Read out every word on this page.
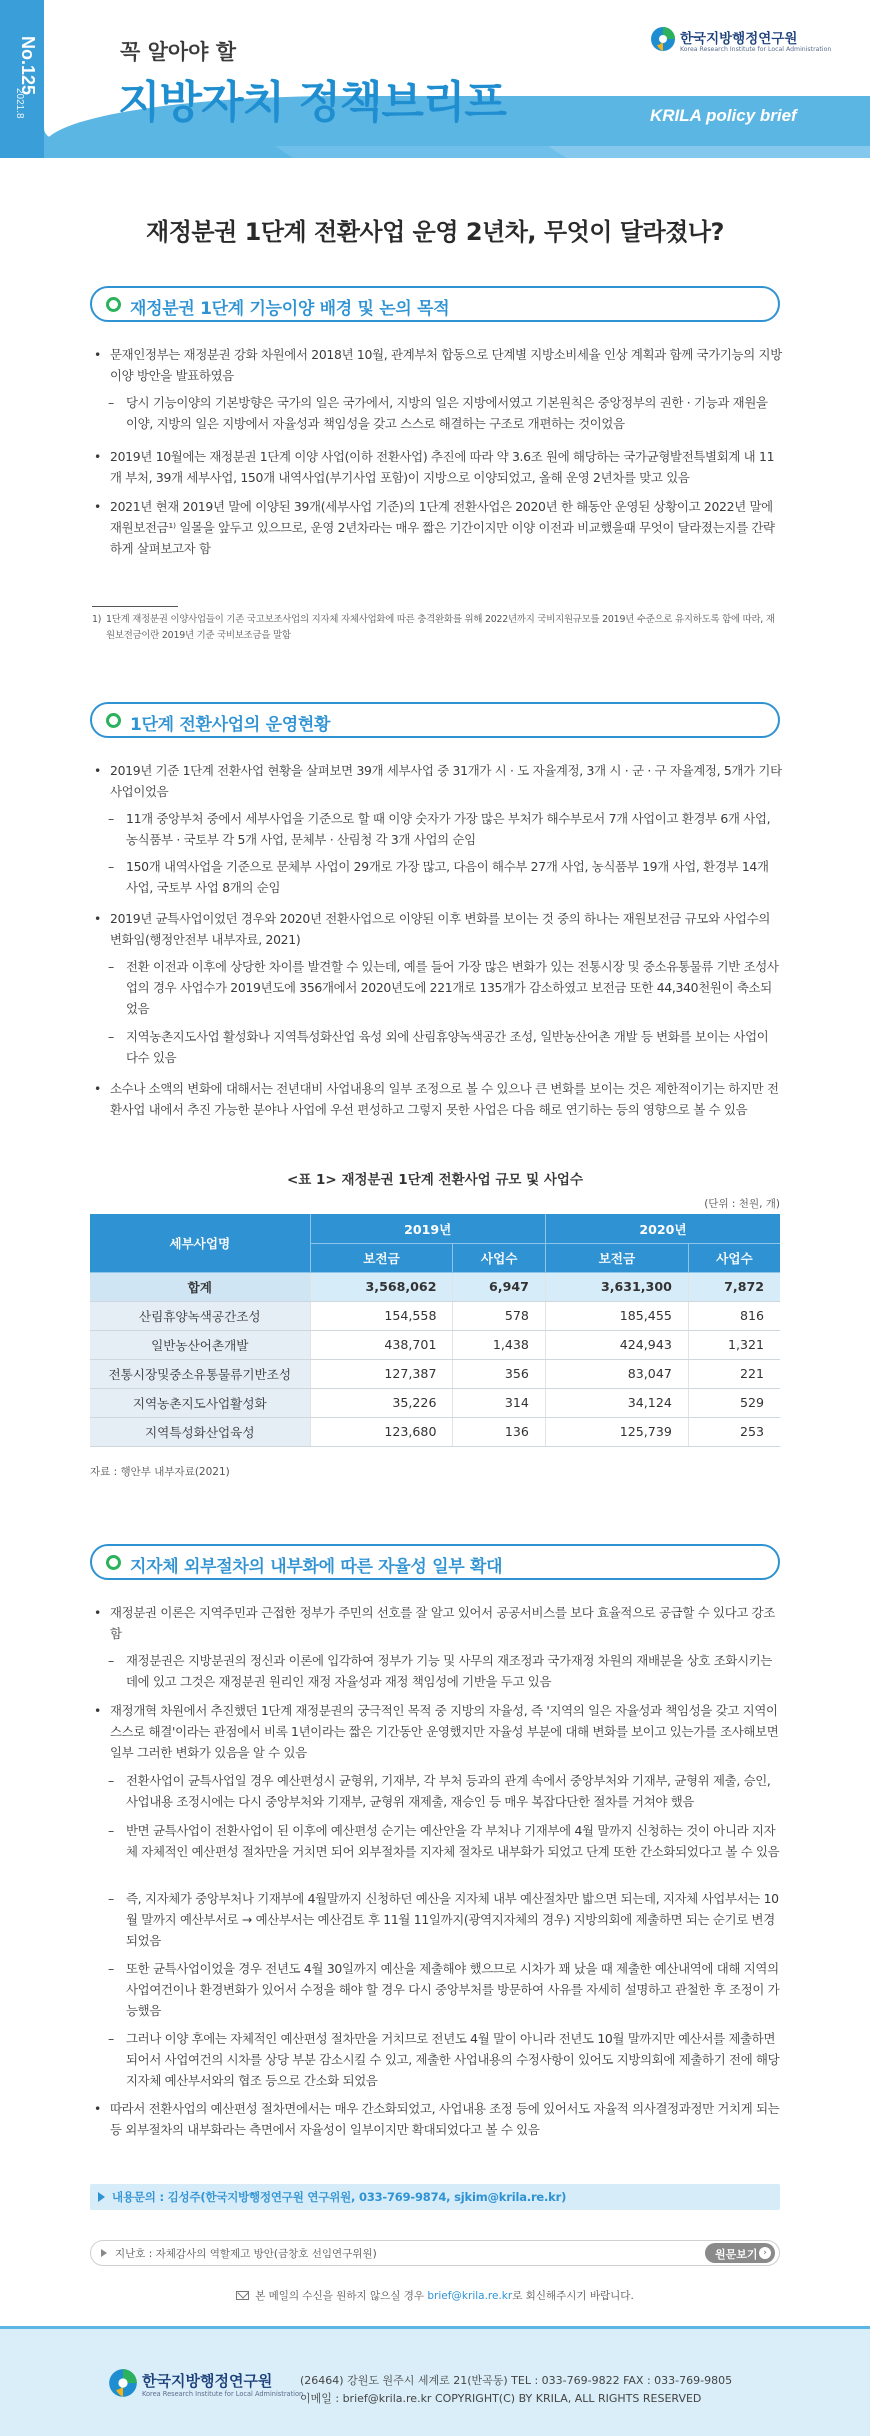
No.125
2021.8
꼭 알아야 할
지방자치 정책브리프
한국지방행정연구원
Korea Research Institute for Local Administration
KRILA policy brief
재정분권 1단계 전환사업 운영 2년차, 무엇이 달라졌나?
재정분권 1단계 기능이양 배경 및 논의 목적
• 문재인정부는 재정분권 강화 차원에서 2018년 10월, 관계부처 합동으로 단계별 지방소비세율 인상 계획과 함께 국가기능의 지방이양 방안을 발표하였음
– 당시 기능이양의 기본방향은 국가의 일은 국가에서, 지방의 일은 지방에서였고 기본원칙은 중앙정부의 권한 · 기능과 재원을 이양, 지방의 일은 지방에서 자율성과 책임성을 갖고 스스로 해결하는 구조로 개편하는 것이었음
• 2019년 10월에는 재정분권 1단계 이양 사업(이하 전환사업) 추진에 따라 약 3.6조 원에 해당하는 국가균형발전특별회계 내 11개 부처, 39개 세부사업, 150개 내역사업(부기사업 포함)이 지방으로 이양되었고, 올해 운영 2년차를 맞고 있음
• 2021년 현재 2019년 말에 이양된 39개(세부사업 기준)의 1단계 전환사업은 2020년 한 해동안 운영된 상황이고 2022년 말에 재원보전금¹⁾ 일몰을 앞두고 있으므로, 운영 2년차라는 매우 짧은 기간이지만 이양 이전과 비교했을때 무엇이 달라졌는지를 간략하게 살펴보고자 함
1) 1단계 재정분권 이양사업들이 기존 국고보조사업의 지자체 자체사업화에 따른 충격완화를 위해 2022년까지 국비지원규모를 2019년 수준으로 유지하도록 함에 따라, 재원보전금이란 2019년 기준 국비보조금을 말함
1단계 전환사업의 운영현황
• 2019년 기준 1단계 전환사업 현황을 살펴보면 39개 세부사업 중 31개가 시 · 도 자율계정, 3개 시 · 군 · 구 자율계정, 5개가 기타 사업이었음
– 11개 중앙부처 중에서 세부사업을 기준으로 할 때 이양 숫자가 가장 많은 부처가 해수부로서 7개 사업이고 환경부 6개 사업, 농식품부 · 국토부 각 5개 사업, 문체부 · 산림청 각 3개 사업의 순임
– 150개 내역사업을 기준으로 문체부 사업이 29개로 가장 많고, 다음이 해수부 27개 사업, 농식품부 19개 사업, 환경부 14개 사업, 국토부 사업 8개의 순임
• 2019년 균특사업이었던 경우와 2020년 전환사업으로 이양된 이후 변화를 보이는 것 중의 하나는 재원보전금 규모와 사업수의 변화임(행정안전부 내부자료, 2021)
– 전환 이전과 이후에 상당한 차이를 발견할 수 있는데, 예를 들어 가장 많은 변화가 있는 전통시장 및 중소유통물류 기반 조성사업의 경우 사업수가 2019년도에 356개에서 2020년도에 221개로 135개가 감소하였고 보전금 또한 44,340천원이 축소되었음
– 지역농촌지도사업 활성화나 지역특성화산업 육성 외에 산림휴양녹색공간 조성, 일반농산어촌 개발 등 변화를 보이는 사업이 다수 있음
• 소수나 소액의 변화에 대해서는 전년대비 사업내용의 일부 조정으로 볼 수 있으나 큰 변화를 보이는 것은 제한적이기는 하지만 전환사업 내에서 추진 가능한 분야나 사업에 우선 편성하고 그렇지 못한 사업은 다음 해로 연기하는 등의 영향으로 볼 수 있음
<표 1> 재정분권 1단계 전환사업 규모 및 사업수
(단위 : 천원, 개)
세부사업명	2019년		2020년	
	보전금	사업수	보전금	사업수
합계	3,568,062	6,947	3,631,300	7,872
산림휴양녹색공간조성	154,558	578	185,455	816
일반농산어촌개발	438,701	1,438	424,943	1,321
전통시장및중소유통물류기반조성	127,387	356	83,047	221
지역농촌지도사업활성화	35,226	314	34,124	529
지역특성화산업육성	123,680	136	125,739	253
자료 : 행안부 내부자료(2021)
지자체 외부절차의 내부화에 따른 자율성 일부 확대
• 재정분권 이론은 지역주민과 근접한 정부가 주민의 선호를 잘 알고 있어서 공공서비스를 보다 효율적으로 공급할 수 있다고 강조함
– 재정분권은 지방분권의 정신과 이론에 입각하여 정부가 기능 및 사무의 재조정과 국가재정 차원의 재배분을 상호 조화시키는 데에 있고 그것은 재정분권 원리인 재정 자율성과 재정 책임성에 기반을 두고 있음
• 재정개혁 차원에서 추진했던 1단계 재정분권의 궁극적인 목적 중 지방의 자율성, 즉 '지역의 일은 자율성과 책임성을 갖고 지역이 스스로 해결'이라는 관점에서 비록 1년이라는 짧은 기간동안 운영했지만 자율성 부분에 대해 변화를 보이고 있는가를 조사해보면 일부 그러한 변화가 있음을 알 수 있음
– 전환사업이 균특사업일 경우 예산편성시 균형위, 기재부, 각 부처 등과의 관계 속에서 중앙부처와 기재부, 균형위 제출, 승인, 사업내용 조정시에는 다시 중앙부처와 기재부, 균형위 재제출, 재승인 등 매우 복잡다단한 절차를 거쳐야 했음
– 반면 균특사업이 전환사업이 된 이후에 예산편성 순기는 예산안을 각 부처나 기재부에 4월 말까지 신청하는 것이 아니라 지자체 자체적인 예산편성 절차만을 거치면 되어 외부절차를 지자체 절차로 내부화가 되었고 단계 또한 간소화되었다고 볼 수 있음
– 즉, 지자체가 중앙부처나 기재부에 4월말까지 신청하던 예산을 지자체 내부 예산절차만 밟으면 되는데, 지자체 사업부서는 10월 말까지 예산부서로 → 예산부서는 예산검토 후 11월 11일까지(광역지자체의 경우) 지방의회에 제출하면 되는 순기로 변경되었음
– 또한 균특사업이었을 경우 전년도 4월 30일까지 예산을 제출해야 했으므로 시차가 꽤 났을 때 제출한 예산내역에 대해 지역의 사업여건이나 환경변화가 있어서 수정을 해야 할 경우 다시 중앙부처를 방문하여 사유를 자세히 설명하고 관철한 후 조정이 가능했음
– 그러나 이양 후에는 자체적인 예산편성 절차만을 거치므로 전년도 4월 말이 아니라 전년도 10월 말까지만 예산서를 제출하면 되어서 사업여건의 시차를 상당 부분 감소시킬 수 있고, 제출한 사업내용의 수정사항이 있어도 지방의회에 제출하기 전에 해당 지자체 예산부서와의 협조 등으로 간소화 되었음
• 따라서 전환사업의 예산편성 절차면에서는 매우 간소화되었고, 사업내용 조정 등에 있어서도 자율적 의사결정과정만 거치게 되는 등 외부절차의 내부화라는 측면에서 자율성이 일부이지만 확대되었다고 볼 수 있음
내용문의 : 김성주(한국지방행정연구원 연구위원, 033-769-9874, sjkim@krila.re.kr)
지난호 : 자체감사의 역할제고 방안(금창호 선임연구위원)	원문보기 ›
본 메일의 수신을 원하지 않으실 경우 brief@krila.re.kr로 회신해주시기 바랍니다.
한국지방행정연구원
Korea Research Institute for Local Administration
(26464) 강원도 원주시 세계로 21(반곡동) TEL : 033-769-9822 FAX : 033-769-9805
이메일 : brief@krila.re.kr COPYRIGHT(C) BY KRILA, ALL RIGHTS RESERVED
